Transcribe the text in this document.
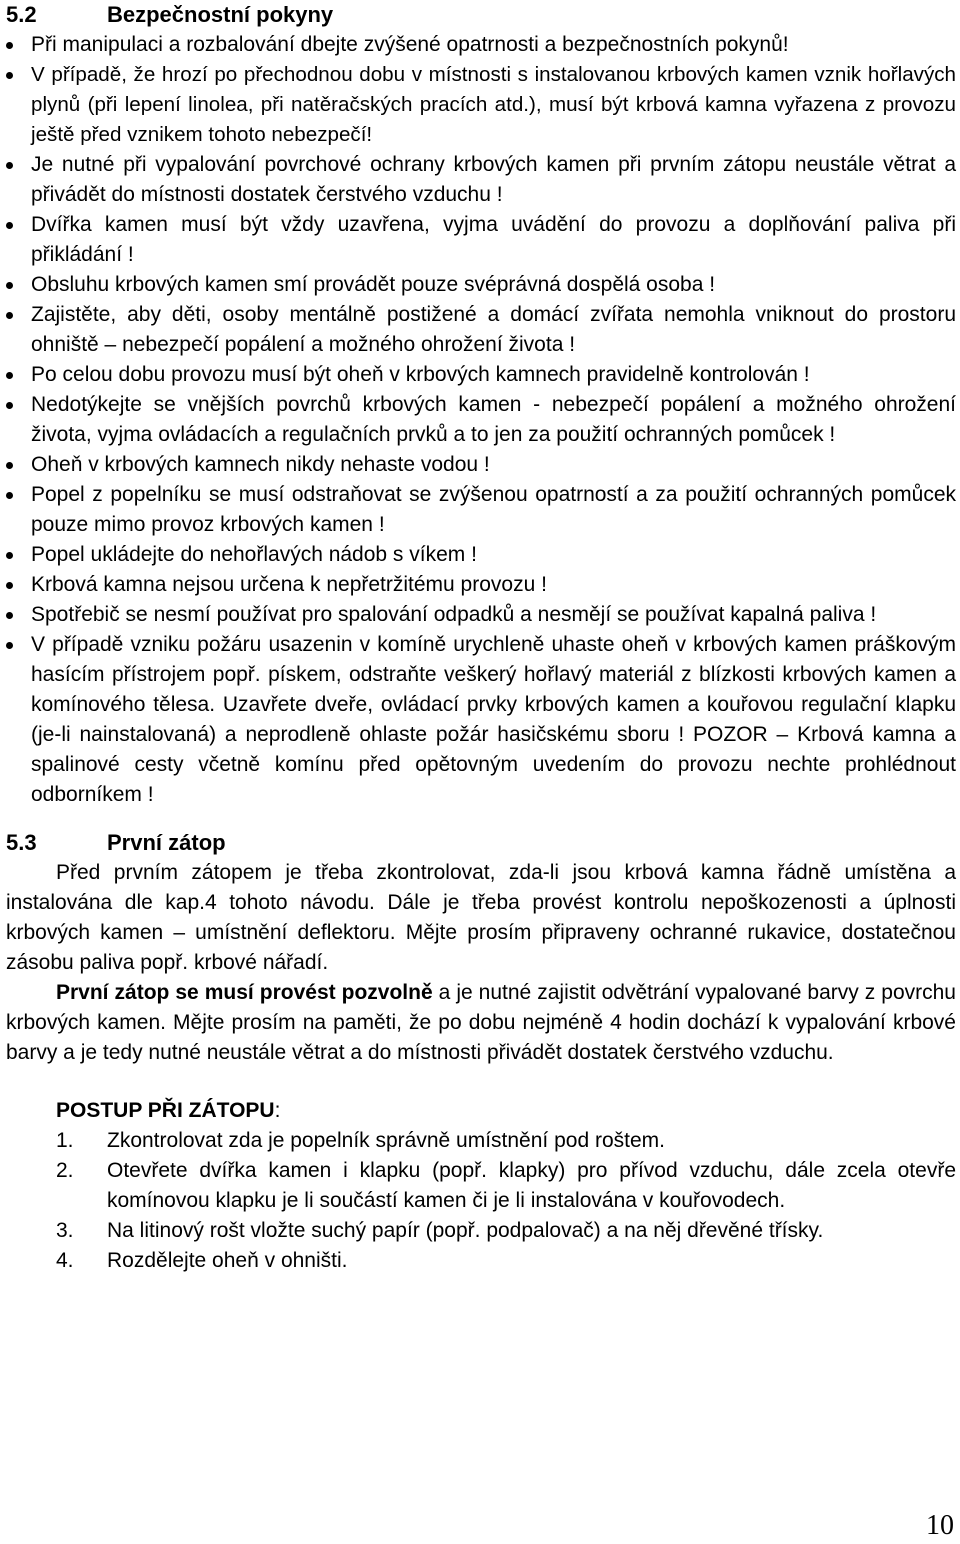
5.2	Bezpečnostní pokyny
Při manipulaci a rozbalování dbejte zvýšené opatrnosti a bezpečnostních pokynů!
V případě, že hrozí po přechodnou dobu v místnosti s instalovanou krbových kamen vznik hořlavých plynů (při lepení linolea, při natěračských pracích atd.), musí být krbová kamna vyřazena z provozu ještě před vznikem tohoto nebezpečí!
Je nutné při vypalování povrchové ochrany krbových kamen při prvním zátopu neustále větrat a přivádět do místnosti dostatek čerstvého vzduchu !
Dvířka kamen musí být vždy uzavřena, vyjma uvádění do provozu a doplňování paliva při přikládání !
Obsluhu krbových kamen smí provádět pouze svéprávná dospělá osoba !
Zajistěte, aby děti, osoby mentálně postižené a domácí zvířata nemohla vniknout do prostoru ohniště – nebezpečí popálení a možného ohrožení života !
Po celou dobu provozu musí být oheň v krbových kamnech pravidelně kontrolován !
Nedotýkejte se vnějších povrchů krbových kamen - nebezpečí popálení a možného ohrožení života, vyjma ovládacích a regulačních prvků a to jen za použití ochranných pomůcek !
Oheň v krbových kamnech nikdy nehaste vodou !
Popel z popelníku se musí odstraňovat se zvýšenou opatrností a za použití ochranných pomůcek pouze mimo provoz krbových kamen !
Popel ukládejte do nehořlavých nádob s víkem !
Krbová kamna nejsou určena k nepřetržitému provozu !
Spotřebič se nesmí používat pro spalování odpadků a nesmějí se používat kapalná paliva !
V případě vzniku požáru usazenin v komíně urychleně uhaste oheň v krbových kamen práškovým hasícím přístrojem popř. pískem, odstraňte veškerý hořlavý materiál z blízkosti krbových kamen a komínového tělesa. Uzavřete dveře, ovládací prvky krbových kamen a kouřovou regulační klapku (je-li nainstalovaná) a neprodleně ohlaste požár hasičskému sboru ! POZOR – Krbová kamna a spalinové cesty včetně komínu před opětovným uvedením do provozu nechte prohlédnout odborníkem !
5.3	První zátop

Před prvním zátopem je třeba zkontrolovat, zda-li jsou krbová kamna řádně umístěna a instalována dle kap.4 tohoto návodu. Dále je třeba provést kontrolu nepoškozenosti a úplnosti krbových kamen – umístnění deflektoru. Mějte prosím připraveny ochranné rukavice, dostatečnou zásobu paliva popř. krbové nářadí.

První zátop se musí provést pozvolně a je nutné zajistit odvětrání vypalované barvy z povrchu krbových kamen. Mějte prosím na paměti, že po dobu nejméně 4 hodin dochází k vypalování krbové barvy a je tedy nutné neustále větrat a do místnosti přivádět dostatek čerstvého vzduchu.

POSTUP PŘI ZÁTOPU:

1. Zkontrolovat zda je popelník správně umístnění pod roštem.
2. Otevřete dvířka kamen i klapku (popř. klapky) pro přívod vzduchu, dále zcela otevře komínovou klapku je li součástí kamen či je li instalována v kouřovodech.
3. Na litinový rošt vložte suchý papír (popř. podpalovač) a na něj dřevěné třísky.
4. Rozdělejte oheň v ohništi.
10
